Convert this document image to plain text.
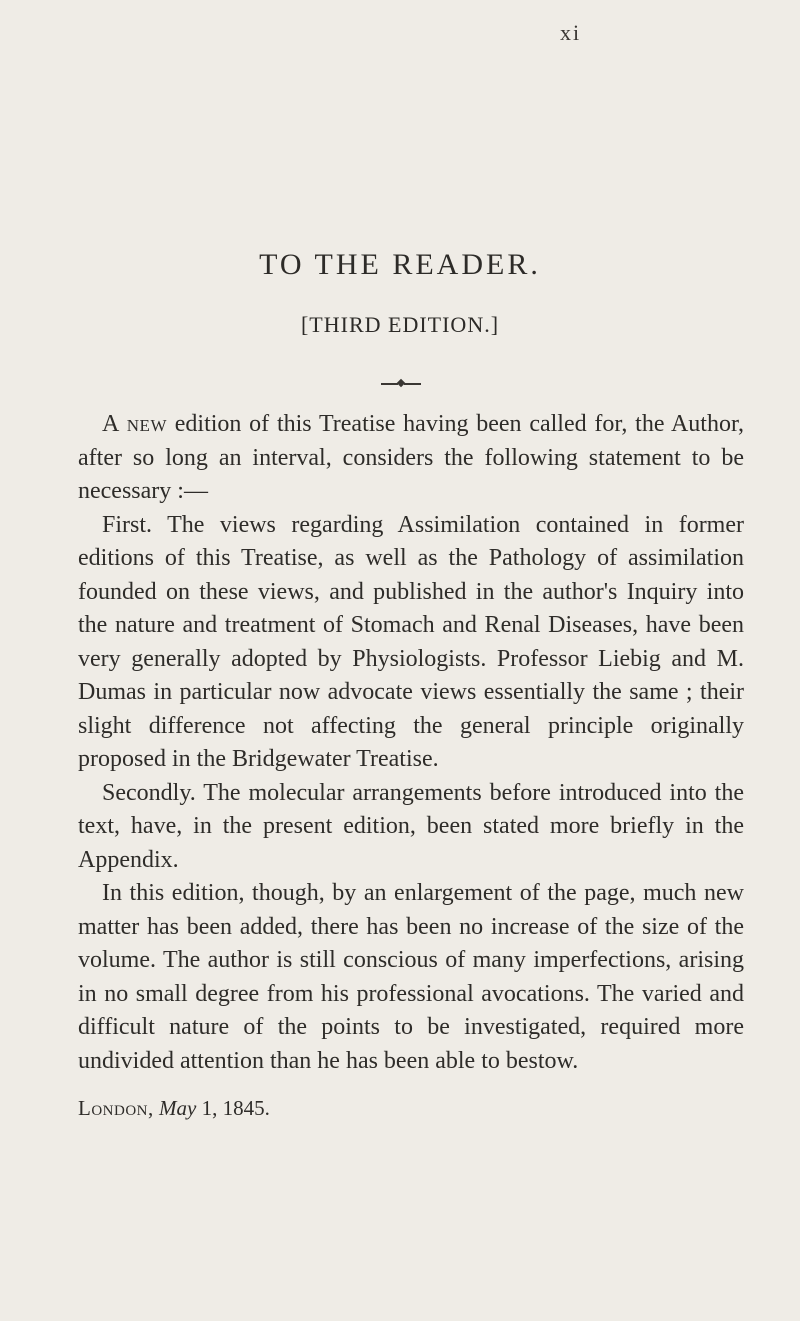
xi
TO THE READER.
[THIRD EDITION.]

A new edition of this Treatise having been called for, the Author, after so long an interval, considers the following statement to be necessary :—

First. The views regarding Assimilation contained in former editions of this Treatise, as well as the Pathology of assimilation founded on these views, and published in the author's Inquiry into the nature and treatment of Stomach and Renal Diseases, have been very generally adopted by Physiologists. Professor Liebig and M. Dumas in particular now advocate views essentially the same ; their slight difference not affecting the general principle originally proposed in the Bridgewater Treatise.

Secondly. The molecular arrangements before introduced into the text, have, in the present edition, been stated more briefly in the Appendix.

In this edition, though, by an enlargement of the page, much new matter has been added, there has been no increase of the size of the volume. The author is still conscious of many imperfections, arising in no small degree from his professional avocations. The varied and difficult nature of the points to be investigated, required more undivided attention than he has been able to bestow.

London, May 1, 1845.
